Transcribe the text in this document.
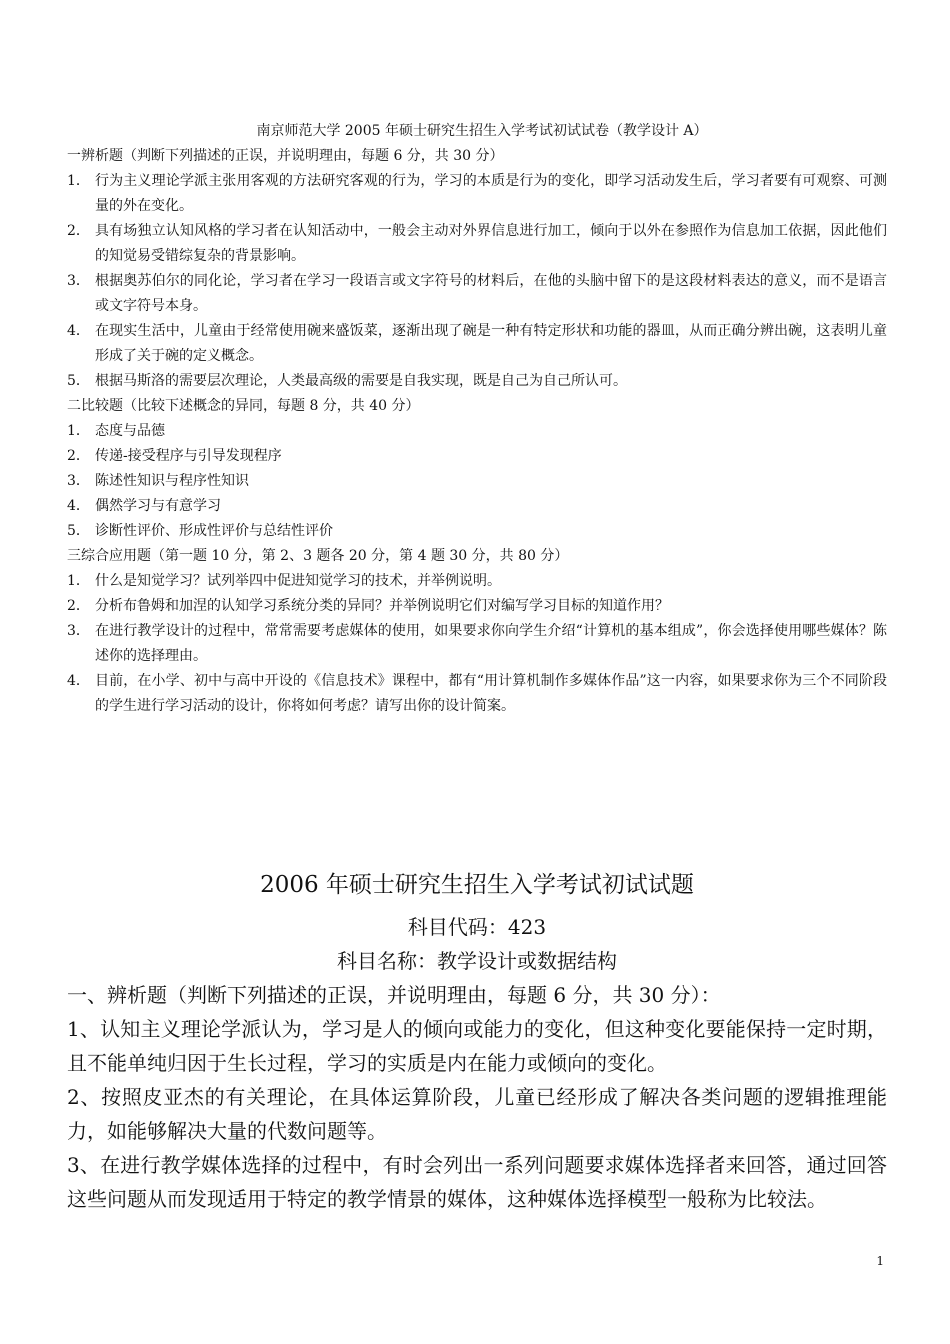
南京师范大学 2005 年硕士研究生招生入学考试初试试卷（教学设计 A）
一辨析题（判断下列描述的正误，并说明理由，每题 6 分，共 30 分）
1． 行为主义理论学派主张用客观的方法研究客观的行为，学习的本质是行为的变化，即学习活动发生后，学习者要有可观察、可测量的外在变化。
2． 具有场独立认知风格的学习者在认知活动中，一般会主动对外界信息进行加工，倾向于以外在参照作为信息加工依据，因此他们的知觉易受错综复杂的背景影响。
3． 根据奥苏伯尔的同化论，学习者在学习一段语言或文字符号的材料后，在他的头脑中留下的是这段材料表达的意义，而不是语言或文字符号本身。
4． 在现实生活中，儿童由于经常使用碗来盛饭菜，逐渐出现了碗是一种有特定形状和功能的器皿，从而正确分辨出碗，这表明儿童形成了关于碗的定义概念。
5． 根据马斯洛的需要层次理论，人类最高级的需要是自我实现，既是自己为自己所认可。
二比较题（比较下述概念的异同，每题 8 分，共 40 分）
1． 态度与品德
2． 传递-接受程序与引导发现程序
3． 陈述性知识与程序性知识
4． 偶然学习与有意学习
5． 诊断性评价、形成性评价与总结性评价
三综合应用题（第一题 10 分，第 2、3 题各 20 分，第 4 题 30 分，共 80 分）
1． 什么是知觉学习？试列举四中促进知觉学习的技术，并举例说明。
2． 分析布鲁姆和加涅的认知学习系统分类的异同？并举例说明它们对编写学习目标的知道作用？
3． 在进行教学设计的过程中，常常需要考虑媒体的使用，如果要求你向学生介绍“计算机的基本组成”，你会选择使用哪些媒体？陈述你的选择理由。
4． 目前，在小学、初中与高中开设的《信息技术》课程中，都有“用计算机制作多媒体作品”这一内容，如果要求你为三个不同阶段的学生进行学习活动的设计，你将如何考虑？请写出你的设计简案。
2006 年硕士研究生招生入学考试初试试题
科目代码：423
科目名称：教学设计或数据结构
一、辨析题（判断下列描述的正误，并说明理由，每题 6 分，共 30 分）：
1、认知主义理论学派认为，学习是人的倾向或能力的变化，但这种变化要能保持一定时期，且不能单纯归因于生长过程，学习的实质是内在能力或倾向的变化。
2、按照皮亚杰的有关理论，在具体运算阶段，儿童已经形成了解决各类问题的逻辑推理能力，如能够解决大量的代数问题等。
3、在进行教学媒体选择的过程中，有时会列出一系列问题要求媒体选择者来回答，通过回答这些问题从而发现适用于特定的教学情景的媒体，这种媒体选择模型一般称为比较法。
1
